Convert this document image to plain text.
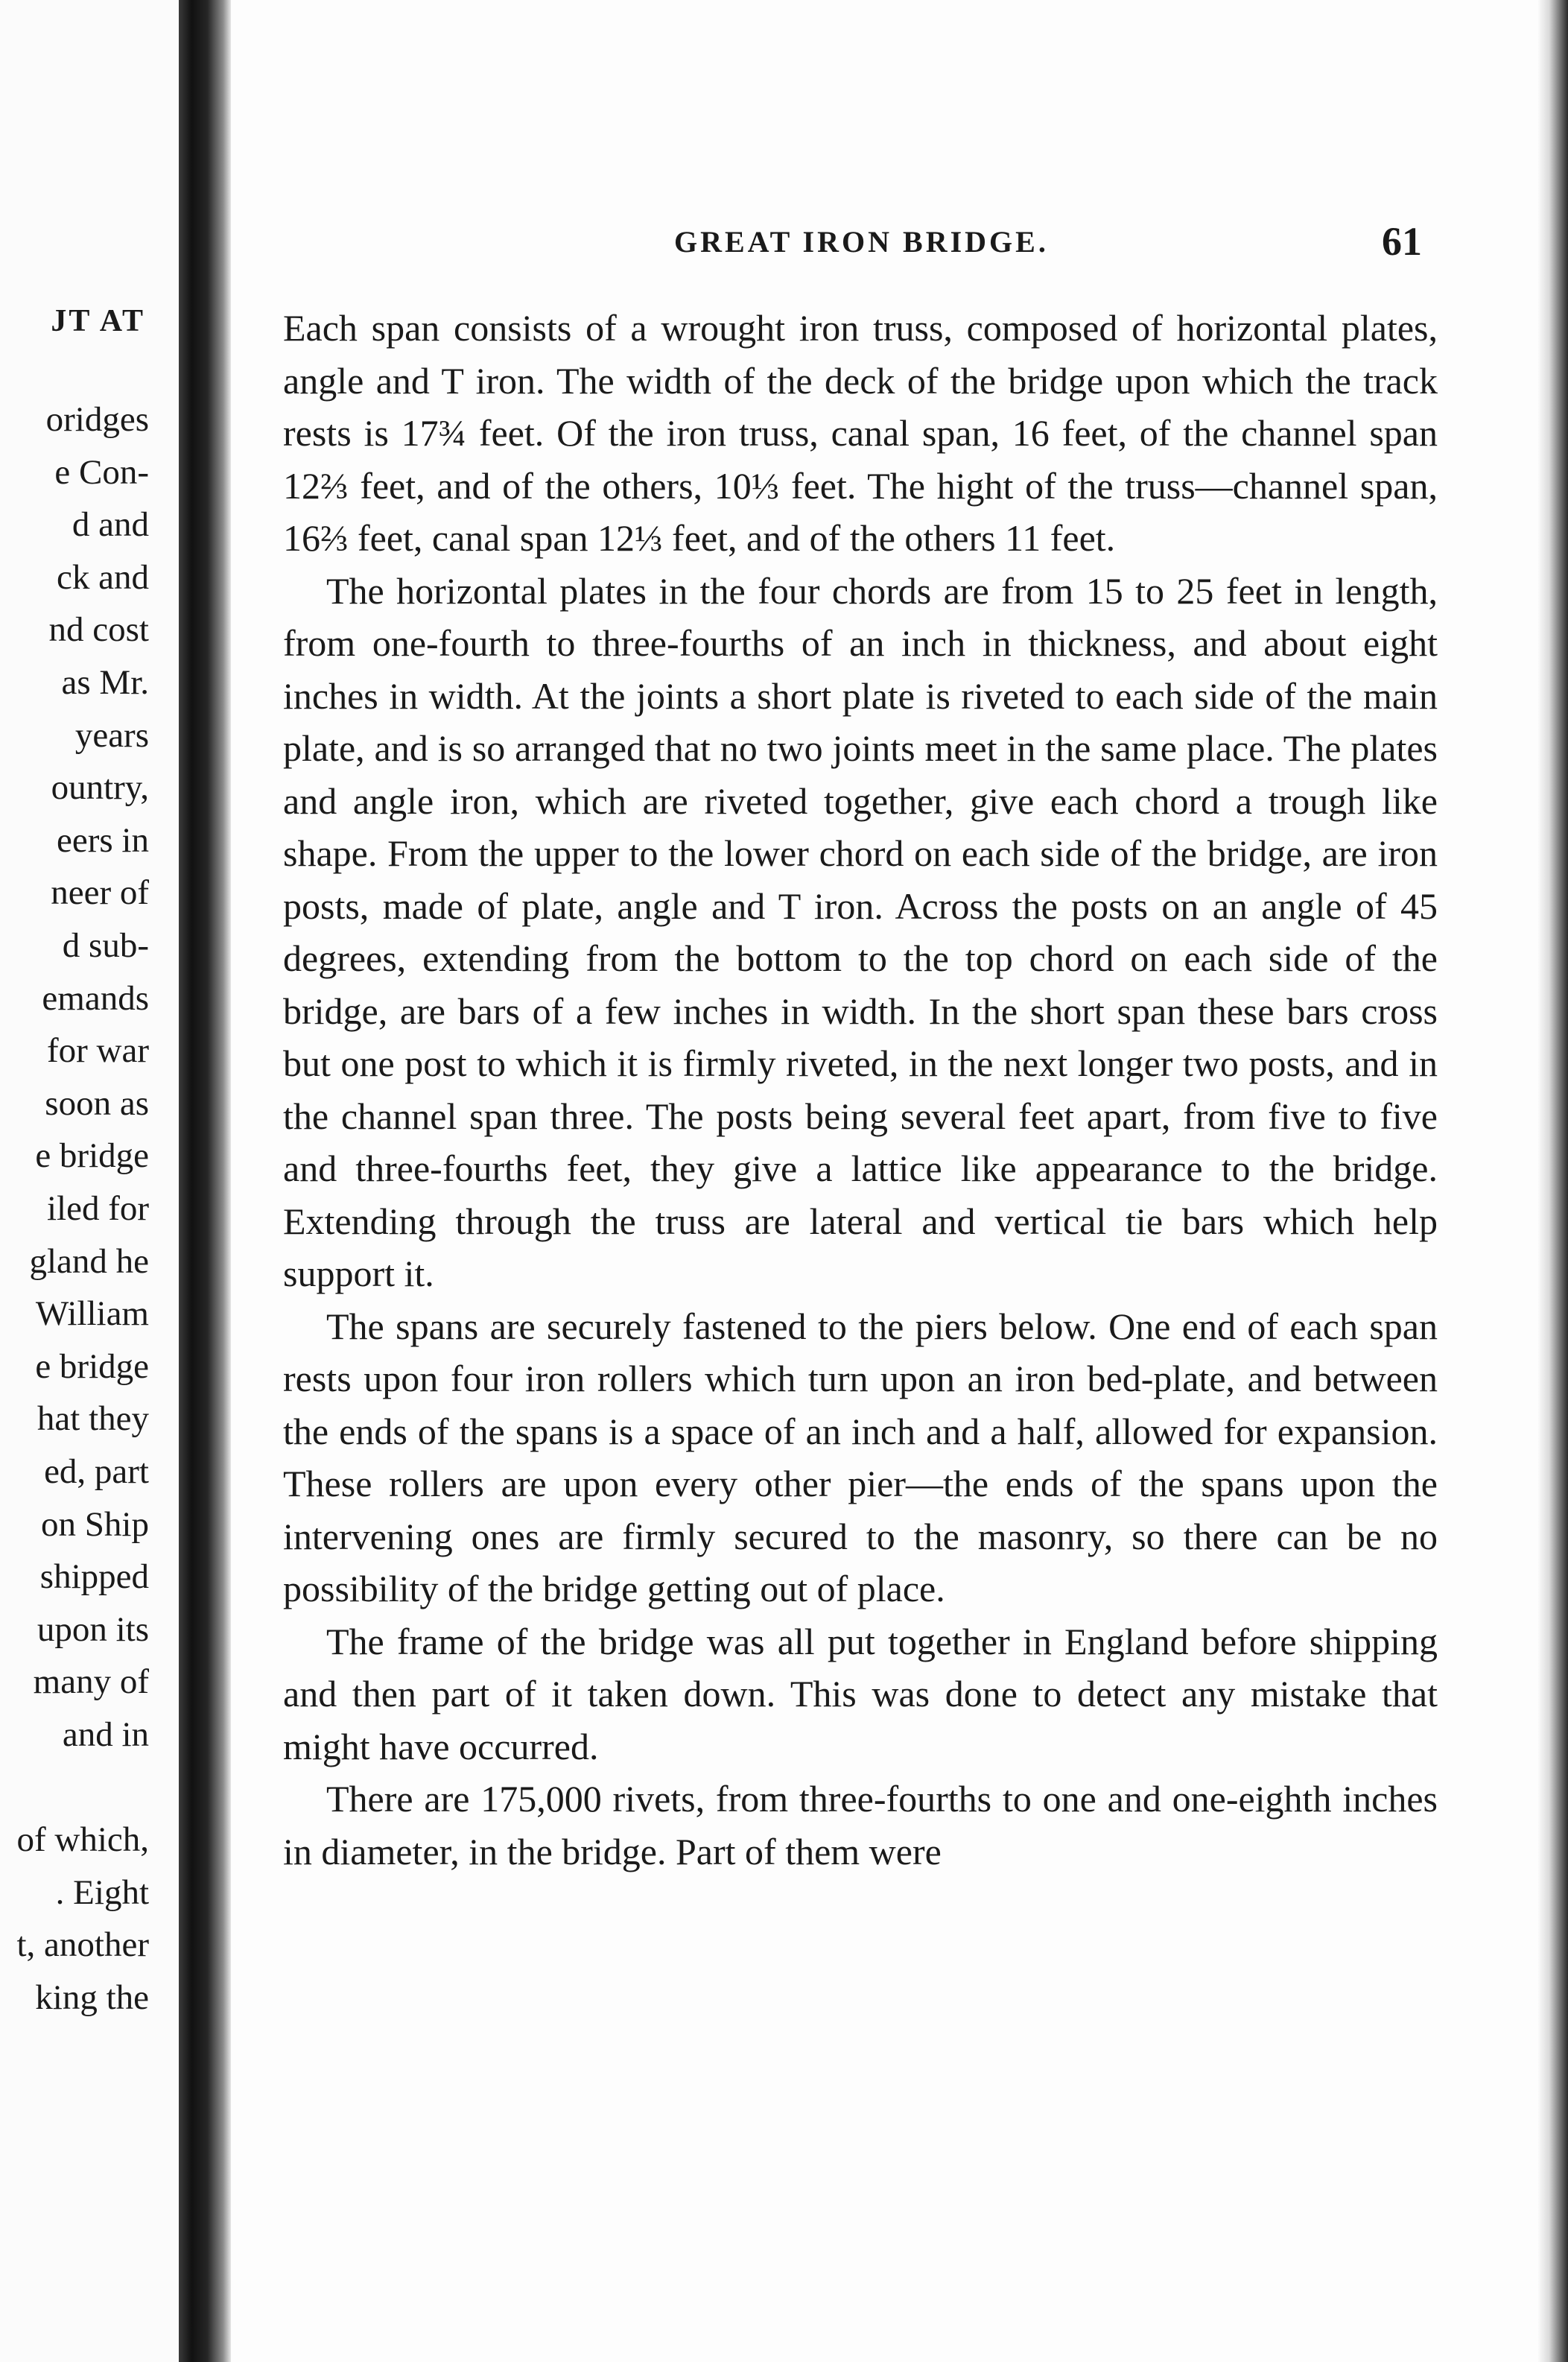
JT AT
oridges
e Con-
d and
ck and
nd cost
as Mr.
years
ountry,
eers in
neer of
d sub-
emands
for war
soon as
e bridge
iled for
gland he
William
e bridge
hat they
ed, part
on Ship
shipped
upon its
many of
and in
of which,
. Eight
t, another
king the
GREAT IRON BRIDGE.	61

Each span consists of a wrought iron truss, composed of horizontal plates, angle and T iron. The width of the deck of the bridge upon which the track rests is 17¾ feet. Of the iron truss, canal span, 16 feet, of the channel span 12⅔ feet, and of the others, 10⅓ feet. The hight of the truss—channel span, 16⅔ feet, canal span 12⅓ feet, and of the others 11 feet.

The horizontal plates in the four chords are from 15 to 25 feet in length, from one-fourth to three-fourths of an inch in thickness, and about eight inches in width. At the joints a short plate is riveted to each side of the main plate, and is so arranged that no two joints meet in the same place. The plates and angle iron, which are riveted together, give each chord a trough like shape. From the upper to the lower chord on each side of the bridge, are iron posts, made of plate, angle and T iron. Across the posts on an angle of 45 degrees, extending from the bottom to the top chord on each side of the bridge, are bars of a few inches in width. In the short span these bars cross but one post to which it is firmly riveted, in the next longer two posts, and in the channel span three. The posts being several feet apart, from five to five and three-fourths feet, they give a lattice like appearance to the bridge. Extending through the truss are lateral and vertical tie bars which help support it.

The spans are securely fastened to the piers below. One end of each span rests upon four iron rollers which turn upon an iron bed-plate, and between the ends of the spans is a space of an inch and a half, allowed for expansion. These rollers are upon every other pier—the ends of the spans upon the intervening ones are firmly secured to the masonry, so there can be no possibility of the bridge getting out of place.

The frame of the bridge was all put together in England before shipping and then part of it taken down. This was done to detect any mistake that might have occurred.

There are 175,000 rivets, from three-fourths to one and one-eighth inches in diameter, in the bridge. Part of them were
